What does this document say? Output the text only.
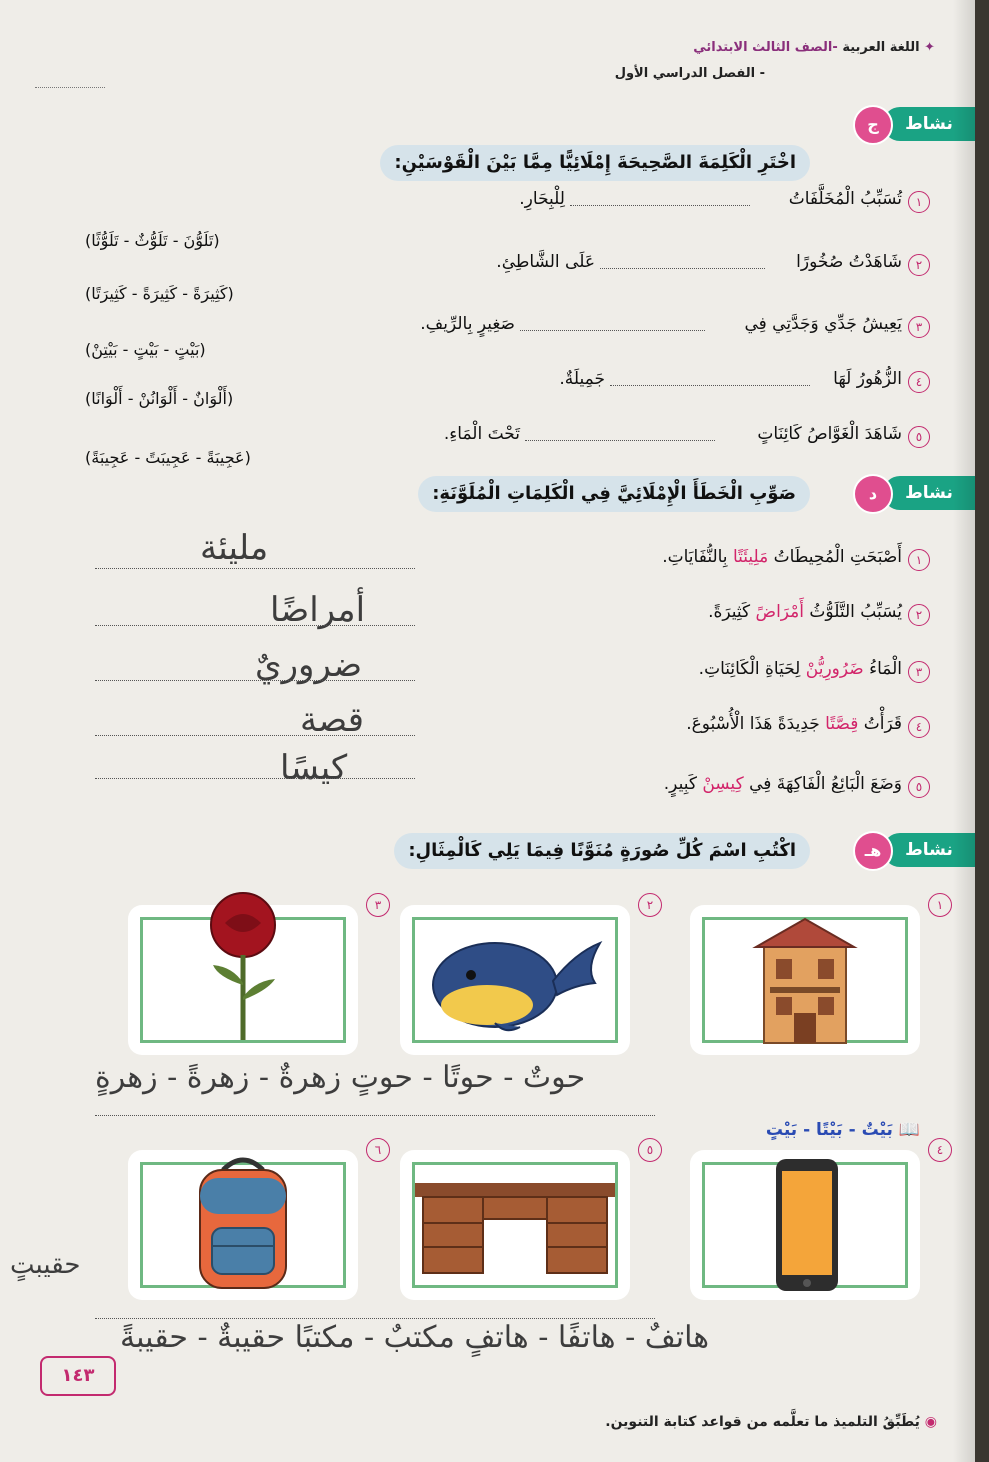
✦ اللغة العربية -الصف الثالث الابتدائي
- الفصل الدراسي الأول
نشاط
ج
اخْتَرِ الْكَلِمَةَ الصَّحِيحَةَ إِمْلَائِيًّا مِمَّا بَيْنَ الْقَوْسَيْنِ:
١
تُسَبِّبُ الْمُخَلَّفَاتُ
لِلْبِحَارِ.
(تَلَوُّنَ - تَلَوُّثٌ - تَلَوُّثًا)
٢
شَاهَدْتُ صُخُورًا
عَلَى الشَّاطِئِ.
(كَثِيرَةً - كَثِيرَةً - كَثِيرَتًا)
٣
يَعِيشُ جَدِّي وَجَدَّتِي فِي
صَغِيرٍ بِالرِّيفِ.
(بَيْتٍ - بَيْتٍ - بَيْتِنْ)
٤
الزُّهُورُ لَهَا
جَمِيلَةٌ.
(أَلْوَانٌ - أَلْوَانُنْ - أَلْوَانًا)
٥
شَاهَدَ الْغَوَّاصُ كَائِنَاتٍ
تَحْتَ الْمَاءِ.
(عَجِيبَةً - عَجِيبَتً - عَجِيبَةً)
نشاط
د
صَوِّبِ الْخَطَأَ الْإِمْلَائِيَّ فِي الْكَلِمَاتِ الْمُلَوَّنَةِ:
١
أَصْبَحَتِ الْمُحِيطَاتُ مَلِيئَتًا بِالنُّفَايَاتِ.
مليئة
٢
يُسَبِّبُ التَّلَوُّثُ أَمْرَاضً كَثِيرَةً.
أمراضًا
٣
الْمَاءُ ضَرُورِيُّنْ لِحَيَاةِ الْكَائِنَاتِ.
ضروريٌ
٤
قَرَأْتُ قِصَّتًا جَدِيدَةً هَذَا الْأُسْبُوعَ.
قصة
٥
وَضَعَ الْبَائِعُ الْفَاكِهَةَ فِي كِيسِنْ كَبِيرٍ.
كيسًا
نشاط
هـ
اكْتُبِ اسْمَ كُلِّ صُورَةٍ مُنَوَّنًا فِيمَا يَلِي كَالْمِثَالِ:
١
٢
٣
📖 بَيْتٌ - بَيْتًا - بَيْتٍ
حوتٌ - حوتًا - حوتٍ زهرةٌ - زهرةً - زهرةٍ
٤
٥
٦
حقيبتٍ
هاتفٌ - هاتفًا - هاتفٍ مكتبٌ - مكتبًا حقيبةٌ - حقيبةً
١٤٣
◉ يُطَبِّقُ التلميذ ما تعلَّمه من قواعد كتابة التنوين.
